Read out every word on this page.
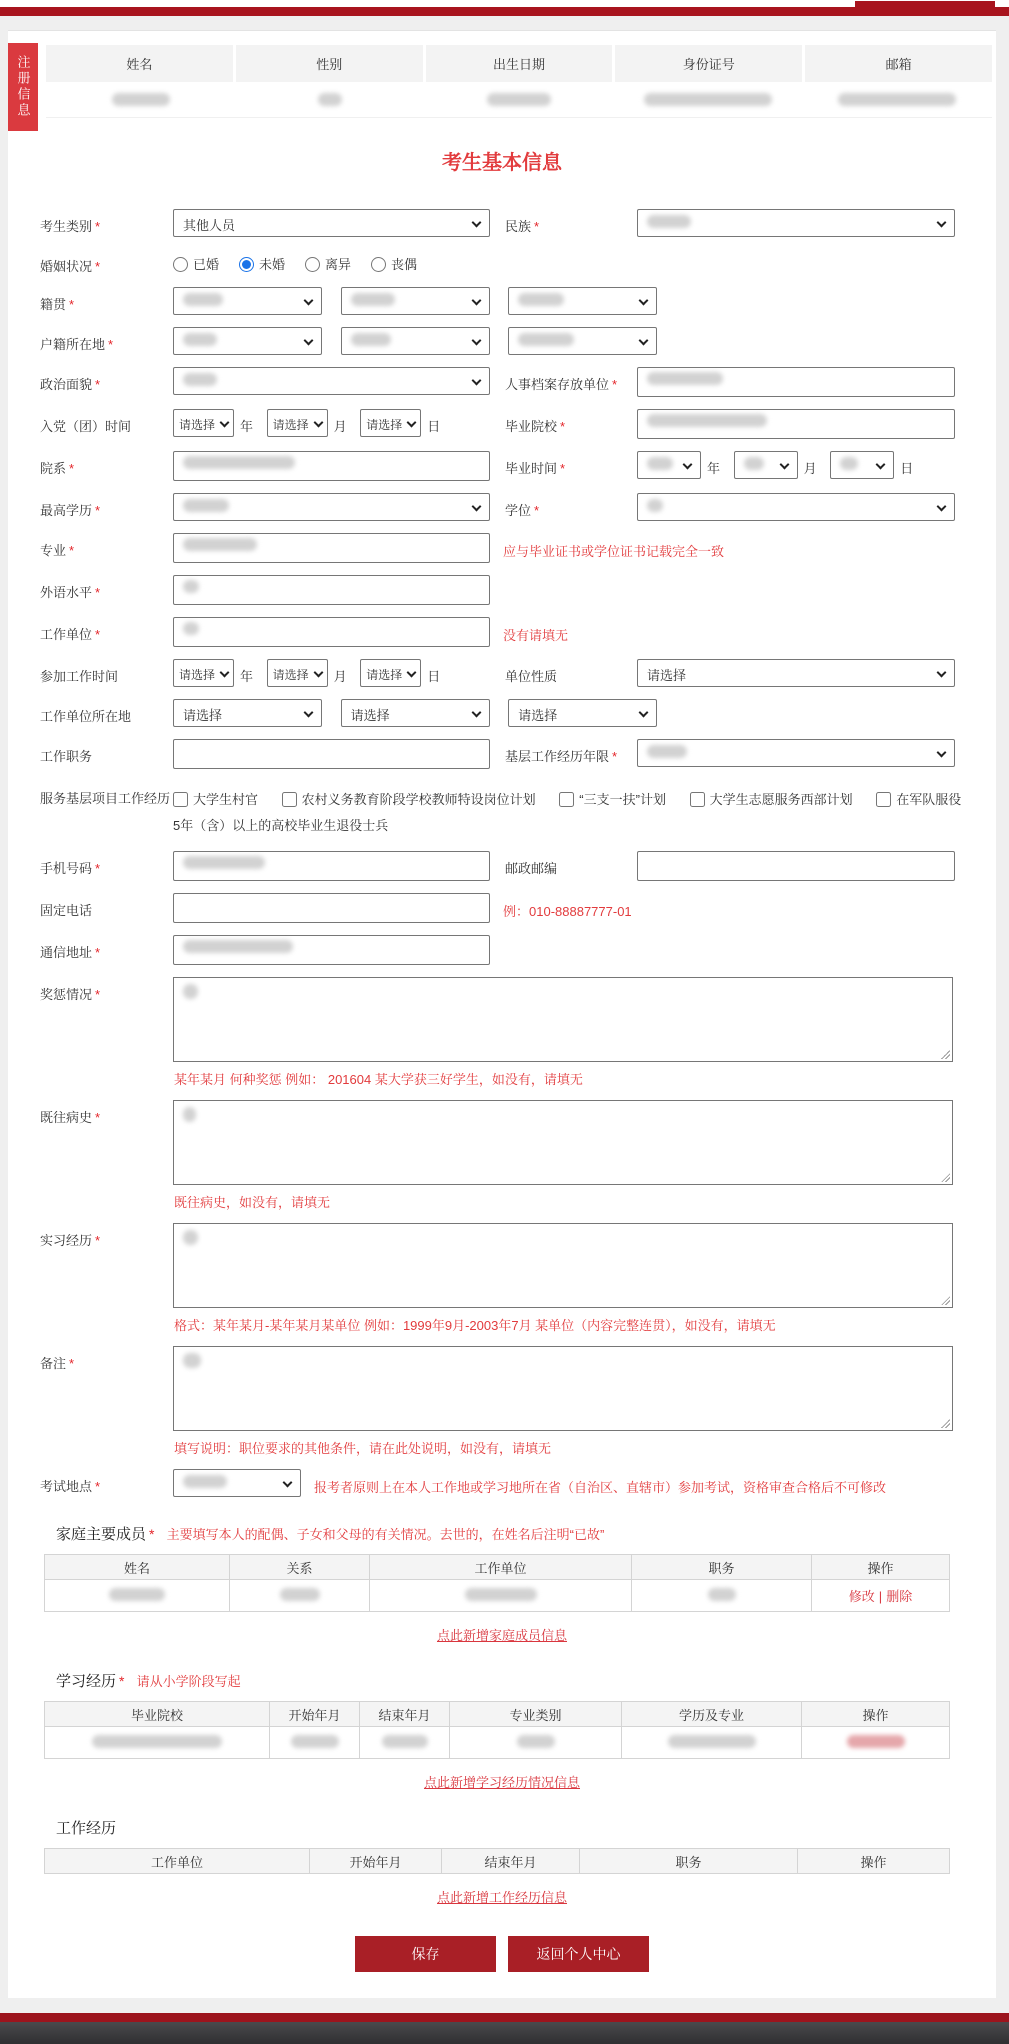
注册信息	姓名	性别	出生日期	身份证号	邮箱
考生基本信息
考生类别 *	其他人员	民族 *
婚姻状况 *	已婚	未婚	离异	丧偶
籍贯 *

户籍所在地 *

政治面貌 *	人事档案存放单位 *
入党（团）时间	请选择 年 请选择 月 请选择 日	毕业院校 *
院系 *	毕业时间 *	年	月	日
最高学历 *	学位 *
专业 *	应与毕业证书或学位证书记载完全一致
外语水平 *
工作单位 *	没有请填无
参加工作时间	请选择 年 请选择 月 请选择 日	单位性质	请选择
工作单位所在地	请选择	请选择	请选择
工作职务	基层工作经历年限 *
服务基层项目工作经历	大学生村官	农村义务教育阶段学校教师特设岗位计划	“三支一扶”计划	大学生志愿服务西部计划	在军队服役5年（含）以上的高校毕业生退役士兵
手机号码 *	邮政邮编
固定电话	例：010-88887777-01
通信地址 *
奖惩情况 *
某年某月 何种奖惩 例如： 201604 某大学获三好学生，如没有，请填无
既往病史 *
既往病史，如没有，请填无
实习经历 *
格式：某年某月-某年某月某单位 例如：1999年9月-2003年7月 某单位（内容完整连贯），如没有，请填无
备注 *
填写说明：职位要求的其他条件，请在此处说明，如没有，请填无
考试地点 *	报考者原则上在本人工作地或学习地所在省（自治区、直辖市）参加考试，资格审查合格后不可修改
家庭主要成员 * 主要填写本人的配偶、子女和父母的有关情况。去世的，在姓名后注明“已故”
姓名	关系	工作单位	职务	操作
				修改 | 删除
点此新增家庭成员信息
学习经历 * 请从小学阶段写起
毕业院校	开始年月	结束年月	专业类别	学历及专业	操作

点此新增学习经历情况信息
工作经历
工作单位	开始年月	结束年月	职务	操作
点此新增工作经历信息
保存	返回个人中心
